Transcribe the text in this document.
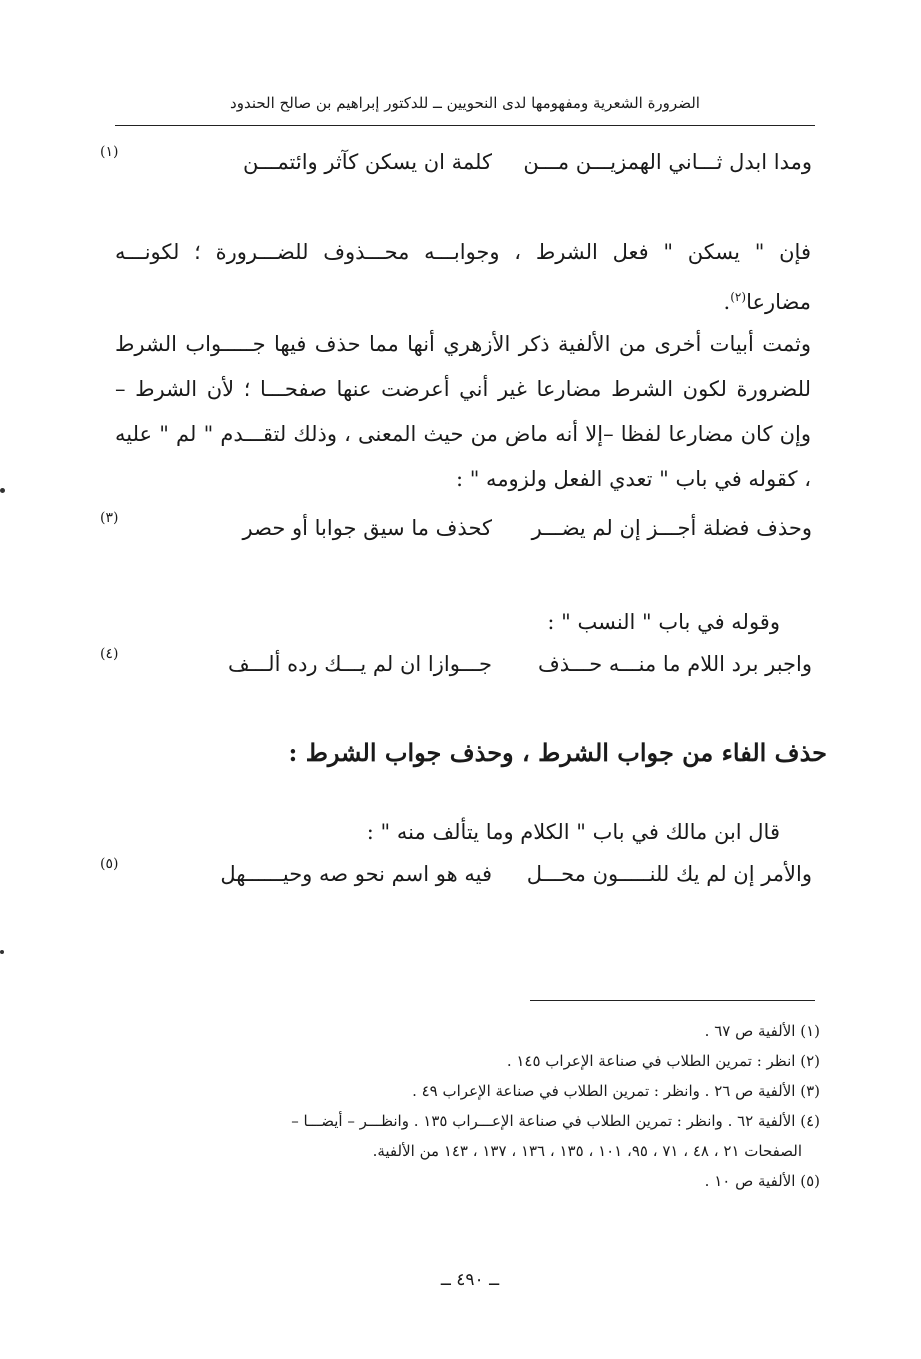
الضرورة الشعرية ومفهومها لدى النحويين ــ للدكتور إبراهيم بن صالح الحندود
ومدا ابدل ثـــاني الهمزيـــن مـــن
كلمة ان يسكن كآثر وائتمـــن
(١)
فإن " يسكن " فعل الشرط ، وجوابـــه محـــذوف للضـــرورة ؛ لكونـــه مضارعا$^{(٢)}$.
وثمت أبيات أخرى من الألفية ذكر الأزهري أنها مما حذف فيها جـــــواب الشرط للضرورة لكون الشرط مضارعا غير أني أعرضت عنها صفحـــا ؛ لأن الشرط – وإن كان مضارعا لفظا –إلا أنه ماض من حيث المعنى ، وذلك لتقـــدم " لم " عليه ، كقوله في باب " تعدي الفعل ولزومه " :
وحذف فضلة أجـــز إن لم يضـــر
كحذف ما سيق جوابا أو حصر
(٣)
وقوله في باب " النسب " :
واجبر برد اللام ما منـــه حـــذف
جـــوازا ان لم يـــك رده ألـــف
(٤)
حذف الفاء من جواب الشرط ، وحذف جواب الشرط :
قال ابن مالك في باب " الكلام وما يتألف منه " :
والأمر إن لم يك للنـــــون محـــل
فيه هو اسم نحو صه وحيــــــهل
(٥)
(١) الألفية ص ٦٧ .
(٢) انظر : تمرين الطلاب في صناعة الإعراب ١٤٥ .
(٣) الألفية ص ٢٦ . وانظر : تمرين الطلاب في صناعة الإعراب ٤٩ .
(٤) الألفية ٦٢ . وانظر : تمرين الطلاب في صناعة الإعـــراب ١٣٥ . وانظـــر – أيضـــا –
الصفحات ٢١ ، ٤٨ ، ٧١ ، ٩٥، ١٠١ ، ١٣٥ ، ١٣٦ ، ١٣٧ ، ١٤٣ من الألفية.
(٥) الألفية ص ١٠ .
ــ ٤٩٠ ــ
